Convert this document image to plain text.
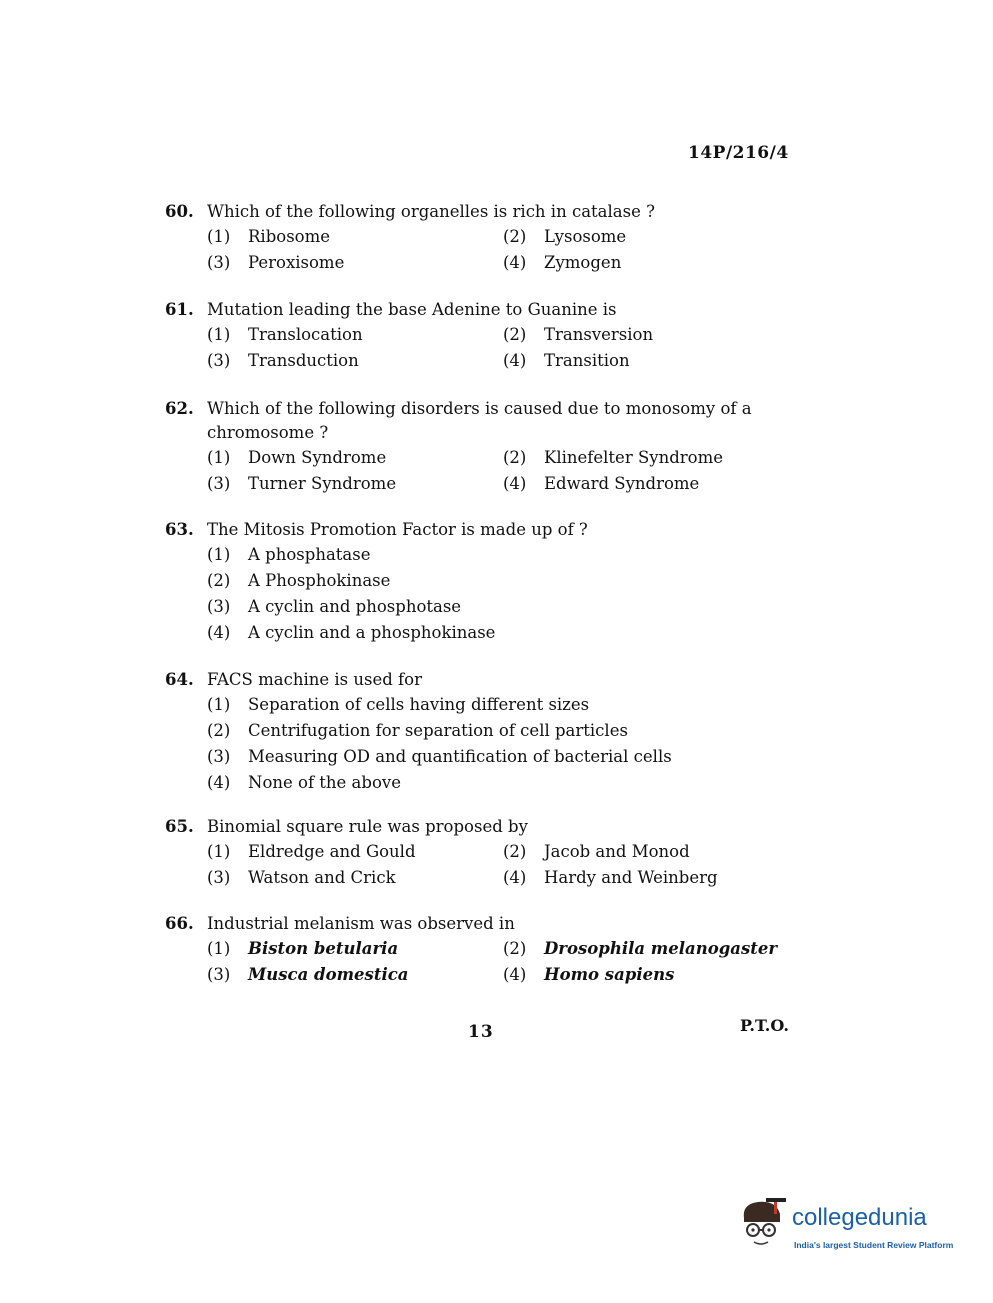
14P/216/4
60. Which of the following organelles is rich in catalase ?
(1)	Ribosome	(2)	Lysosome
(3)	Peroxisome	(4)	Zymogen
61. Mutation leading the base Adenine to Guanine is
(1)	Translocation	(2)	Transversion
(3)	Transduction	(4)	Transition
62. Which of the following disorders is caused due to monosomy of a chromosome ?
(1)	Down Syndrome	(2)	Klinefelter Syndrome
(3)	Turner Syndrome	(4)	Edward Syndrome
63. The Mitosis Promotion Factor is made up of ?
(1)	A phosphatase
(2)	A Phosphokinase
(3)	A cyclin and phosphotase
(4)	A cyclin and a phosphokinase
64. FACS machine is used for
(1)	Separation of cells having different sizes
(2)	Centrifugation for separation of cell particles
(3)	Measuring OD and quantification of bacterial cells
(4)	None of the above
65. Binomial square rule was proposed by
(1)	Eldredge and Gould	(2)	Jacob and Monod
(3)	Watson and Crick	(4)	Hardy and Weinberg
66. Industrial melanism was observed in
(1)	Biston betularia	(2)	Drosophila melanogaster
(3)	Musca domestica	(4)	Homo sapiens
13	P.T.O.
collegedunia
India's largest Student Review Platform
